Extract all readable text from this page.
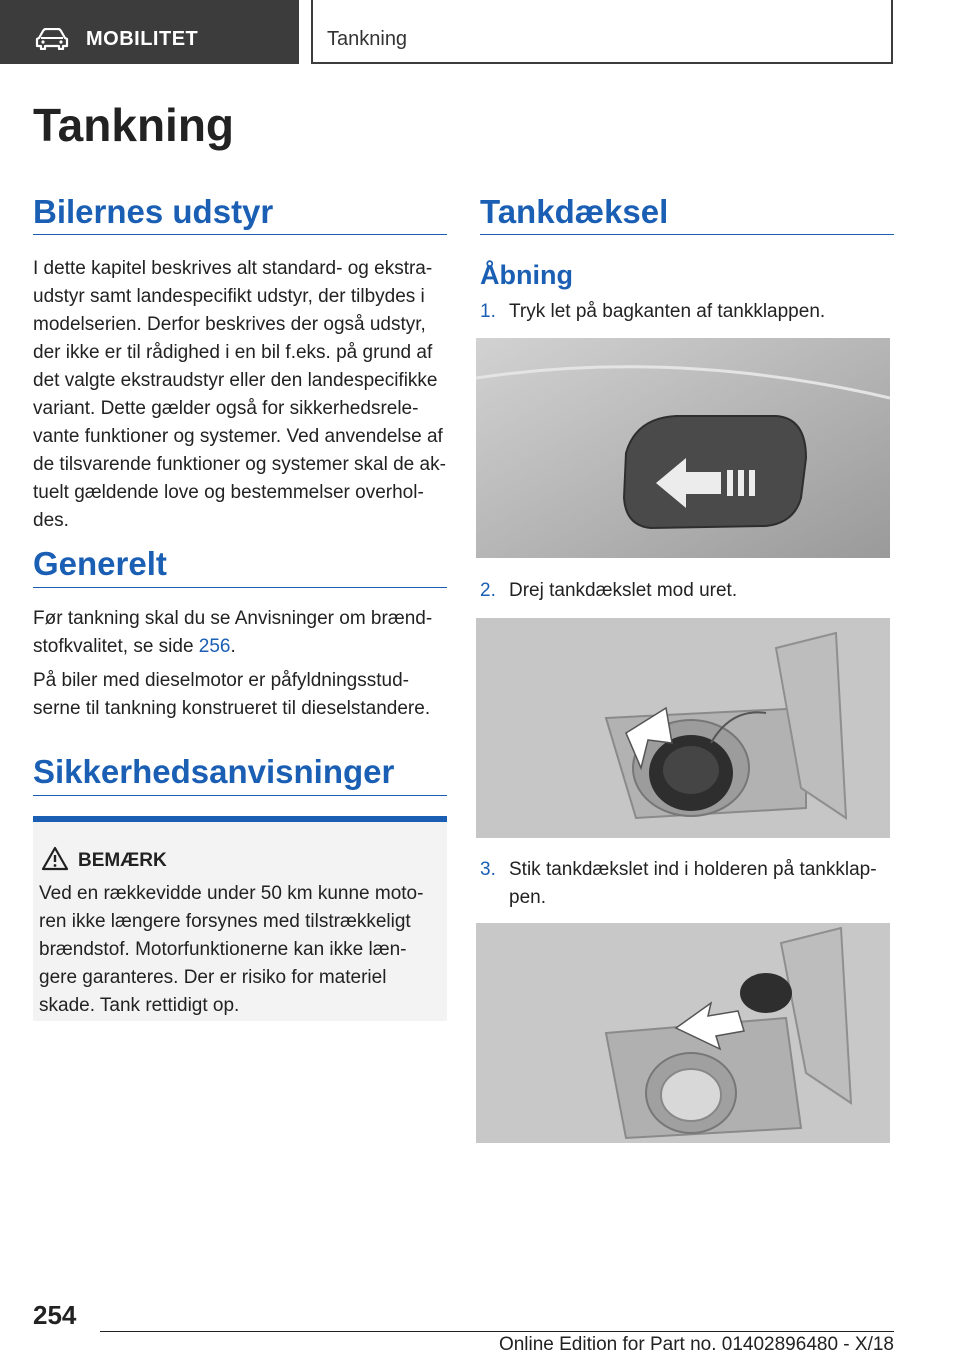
MOBILITET	Tankning
Tankning
Bilernes udstyr

I dette kapitel beskrives alt standard- og ekstra-udstyr samt landespecifikt udstyr, der tilbydes i modelserien. Derfor beskrives der også udstyr, der ikke er til rådighed i en bil f.eks. på grund af det valgte ekstraudstyr eller den landespecifikke variant. Dette gælder også for sikkerhedsrele-vante funktioner og systemer. Ved anvendelse af de tilsvarende funktioner og systemer skal de ak-tuelt gældende love og bestemmelser overhol-des.

Generelt

Før tankning skal du se Anvisninger om brænd-stofkvalitet, se side 256.

På biler med dieselmotor er påfyldningsstud-serne til tankning konstrueret til dieselstandere.

Sikkerhedsanvisninger
BEMÆRK

Ved en rækkevidde under 50 km kunne moto-ren ikke længere forsynes med tilstrækkeligt brændstof. Motorfunktionerne kan ikke læn-gere garanteres. Der er risiko for materiel skade. Tank rettidigt op.

Tankdæksel
Åbning
1. Tryk let på bagkanten af tankklappen.
2. Drej tankdækslet mod uret.
3. Stik tankdækslet ind i holderen på tankklap-pen.
254
Online Edition for Part no. 01402896480 - X/18
